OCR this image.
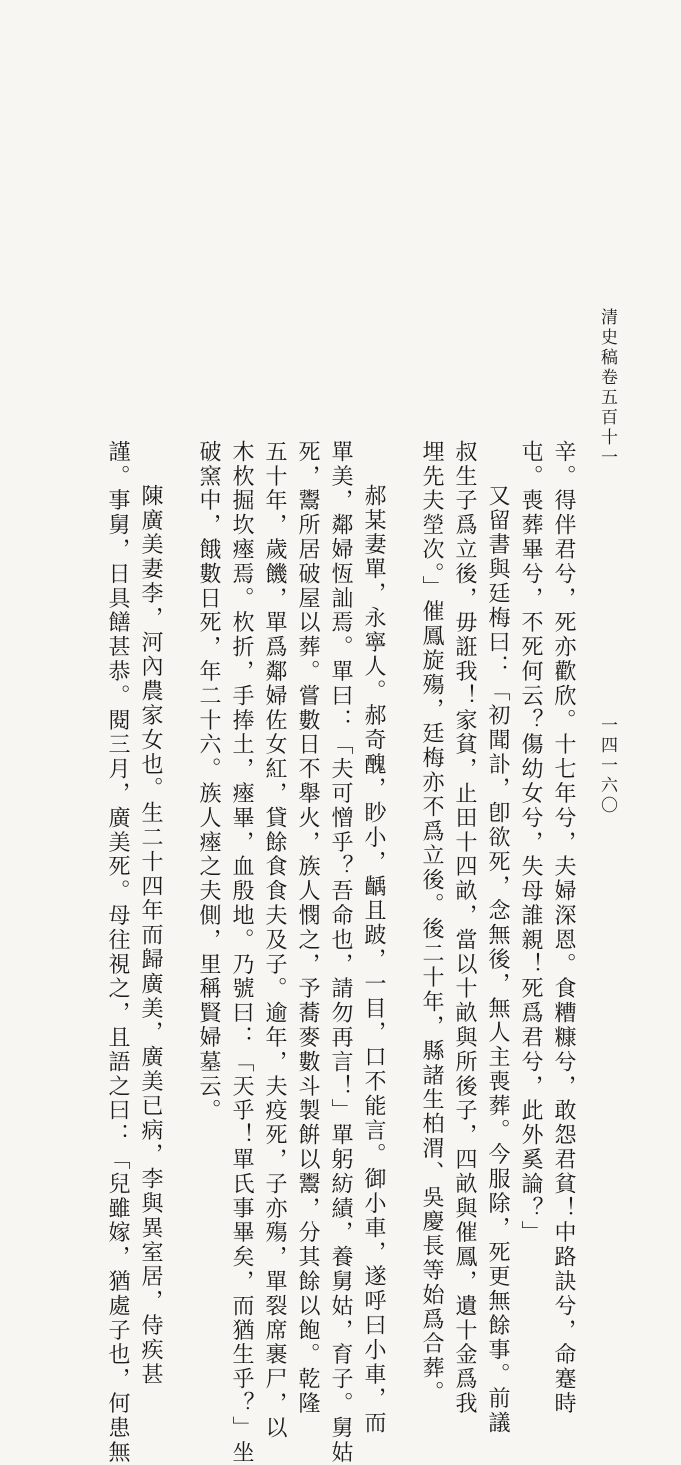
清史稿卷五百十一
一四一六〇
辛。得伴君兮，死亦歡欣。十七年兮，夫婦深恩。食糟糠兮，敢怨君貧！中路訣兮，命蹇時
屯。喪葬畢兮，不死何云？傷幼女兮，失母誰親！死爲君兮，此外奚論？」
又留書與廷梅曰：「初聞訃，卽欲死，念無後，無人主喪葬。今服除，死更無餘事。前議
叔生子爲立後，毋誑我！家貧，止田十四畝，當以十畝與所後子，四畝與催鳳，遺十金爲我
埋先夫塋次。」催鳳旋殤，廷梅亦不爲立後。後二十年，縣諸生柏渭、吳慶長等始爲合葬。
郝某妻單，永寧人。郝奇醜，眇小，齲且跛，一目，口不能言。御小車，遂呼曰小車，而
單美，鄰婦恆訕焉。單曰：「夫可憎乎？吾命也，請勿再言！」單躬紡績，養舅姑，育子。舅姑
死，鬻所居破屋以葬。嘗數日不舉火，族人憫之，予蕎麥數斗製餠以鬻，分其餘以飽。乾隆
五十年，歲饑，單爲鄰婦佐女紅，貸餘食食夫及子。逾年，夫疫死，子亦殤，單裂席裹尸，以
木杴掘坎瘞焉。杴折，手捧土，瘞畢，血殷地。乃號曰：「天乎！單氏事畢矣，而猶生乎？」坐
破窯中，餓數日死，年二十六。族人瘞之夫側，里稱賢婦墓云。
陳廣美妻李，河內農家女也。生二十四年而歸廣美，廣美已病，李與異室居，侍疾甚
謹。事舅，日具饍甚恭。閱三月，廣美死。母往視之，且語之曰：「兒雖嫁，猶處子也，何患無
